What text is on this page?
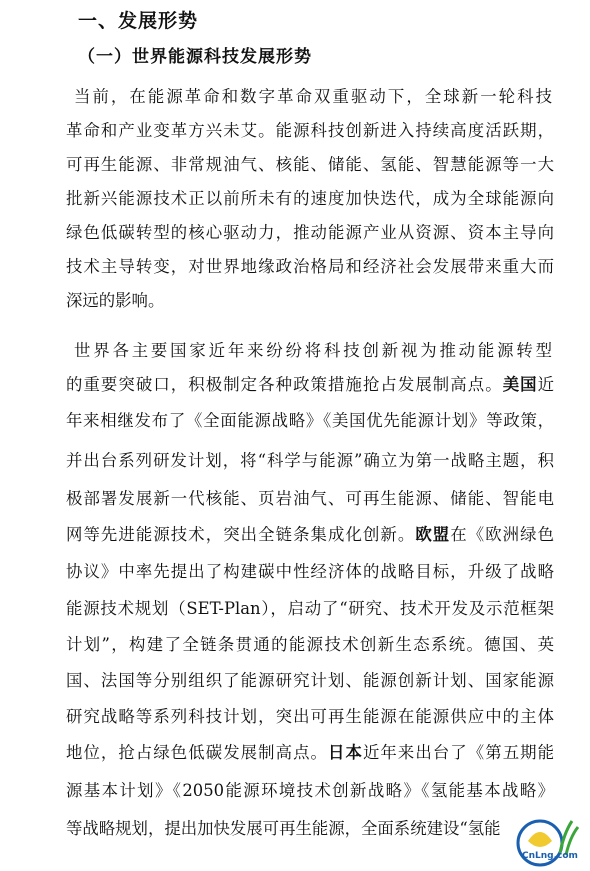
一、发展形势
（一）世界能源科技发展形势
当前，在能源革命和数字革命双重驱动下，全球新一轮科技
革命和产业变革方兴未艾。能源科技创新进入持续高度活跃期，
可再生能源、非常规油气、核能、储能、氢能、智慧能源等一大
批新兴能源技术正以前所未有的速度加快迭代，成为全球能源向
绿色低碳转型的核心驱动力，推动能源产业从资源、资本主导向
技术主导转变，对世界地缘政治格局和经济社会发展带来重大而
深远的影响。
世界各主要国家近年来纷纷将科技创新视为推动能源转型
的重要突破口，积极制定各种政策措施抢占发展制高点。美国近
年来相继发布了《全面能源战略》《美国优先能源计划》等政策，
并出台系列研发计划，将“科学与能源”确立为第一战略主题，积
极部署发展新一代核能、页岩油气、可再生能源、储能、智能电
网等先进能源技术，突出全链条集成化创新。欧盟在《欧洲绿色
协议》中率先提出了构建碳中性经济体的战略目标，升级了战略
能源技术规划（SET-Plan），启动了“研究、技术开发及示范框架
计划”，构建了全链条贯通的能源技术创新生态系统。德国、英
国、法国等分别组织了能源研究计划、能源创新计划、国家能源
研究战略等系列科技计划，突出可再生能源在能源供应中的主体
地位，抢占绿色低碳发展制高点。日本近年来出台了《第五期能
源基本计划》《2050能源环境技术创新战略》《氢能基本战略》
等战略规划，提出加快发展可再生能源，全面系统建设“氢能
CnLng.com
